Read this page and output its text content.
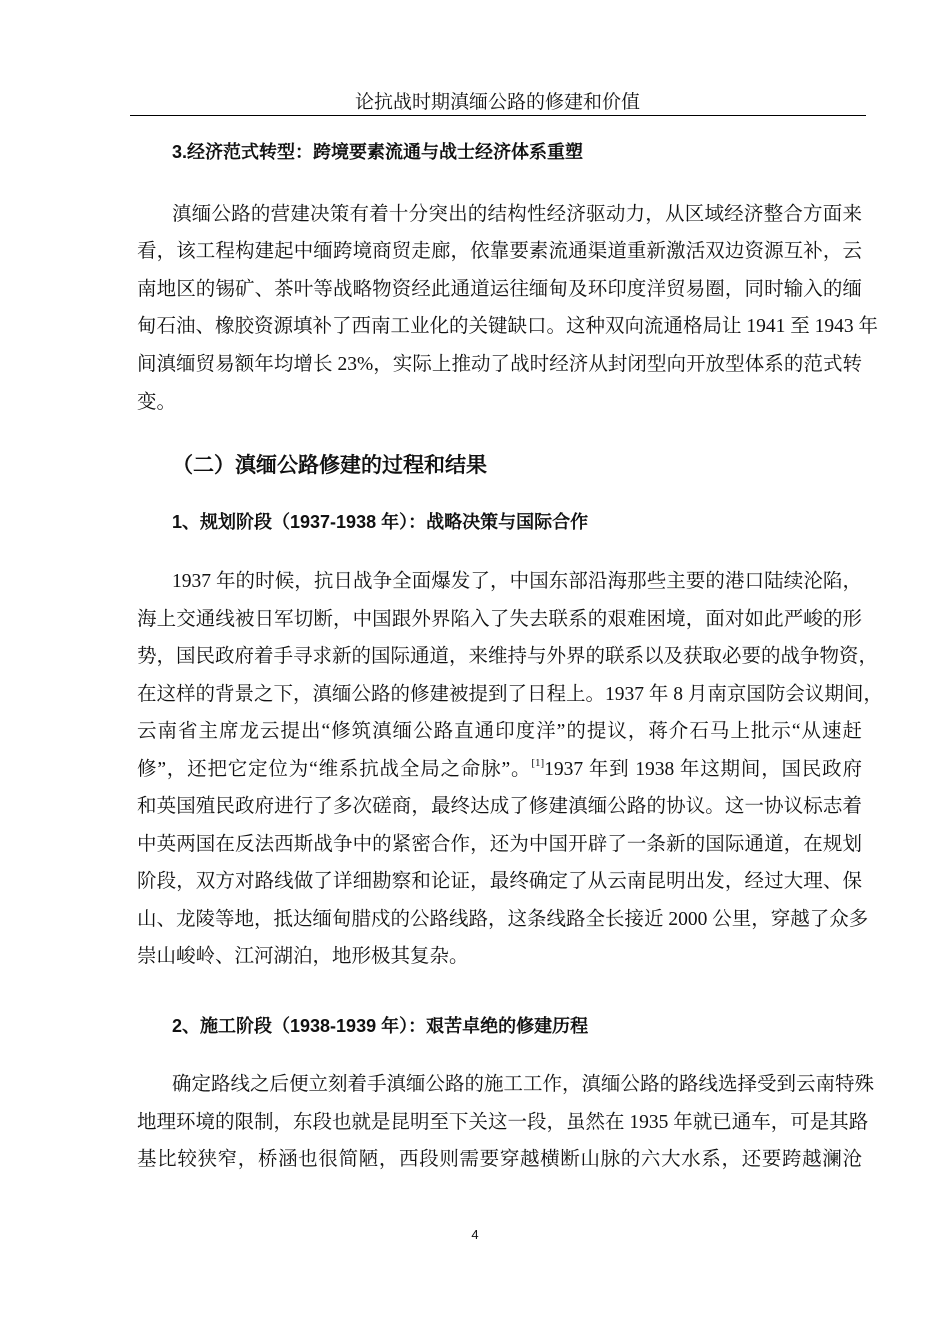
论抗战时期滇缅公路的修建和价值
3.经济范式转型：跨境要素流通与战士经济体系重塑
滇缅公路的营建决策有着十分突出的结构性经济驱动力，从区域经济整合方面来
看，该工程构建起中缅跨境商贸走廊，依靠要素流通渠道重新激活双边资源互补，云
南地区的锡矿、茶叶等战略物资经此通道运往缅甸及环印度洋贸易圈，同时输入的缅
甸石油、橡胶资源填补了西南工业化的关键缺口。这种双向流通格局让 1941 至 1943 年
间滇缅贸易额年均增长 23%，实际上推动了战时经济从封闭型向开放型体系的范式转
变。
（二）滇缅公路修建的过程和结果
1、规划阶段（1937-1938 年）：战略决策与国际合作
1937 年的时候，抗日战争全面爆发了，中国东部沿海那些主要的港口陆续沦陷，
海上交通线被日军切断，中国跟外界陷入了失去联系的艰难困境，面对如此严峻的形
势，国民政府着手寻求新的国际通道，来维持与外界的联系以及获取必要的战争物资，
在这样的背景之下，滇缅公路的修建被提到了日程上。1937 年 8 月南京国防会议期间，
云南省主席龙云提出“修筑滇缅公路直通印度洋”的提议，蒋介石马上批示“从速赶
修”，还把它定位为“维系抗战全局之命脉”。[1]1937 年到 1938 年这期间，国民政府
和英国殖民政府进行了多次磋商，最终达成了修建滇缅公路的协议。这一协议标志着
中英两国在反法西斯战争中的紧密合作，还为中国开辟了一条新的国际通道，在规划
阶段，双方对路线做了详细勘察和论证，最终确定了从云南昆明出发，经过大理、保
山、龙陵等地，抵达缅甸腊戍的公路线路，这条线路全长接近 2000 公里，穿越了众多
崇山峻岭、江河湖泊，地形极其复杂。
2、施工阶段（1938-1939 年）：艰苦卓绝的修建历程
确定路线之后便立刻着手滇缅公路的施工工作，滇缅公路的路线选择受到云南特殊
地理环境的限制，东段也就是昆明至下关这一段，虽然在 1935 年就已通车，可是其路
基比较狭窄，桥涵也很简陋，西段则需要穿越横断山脉的六大水系，还要跨越澜沧
4
